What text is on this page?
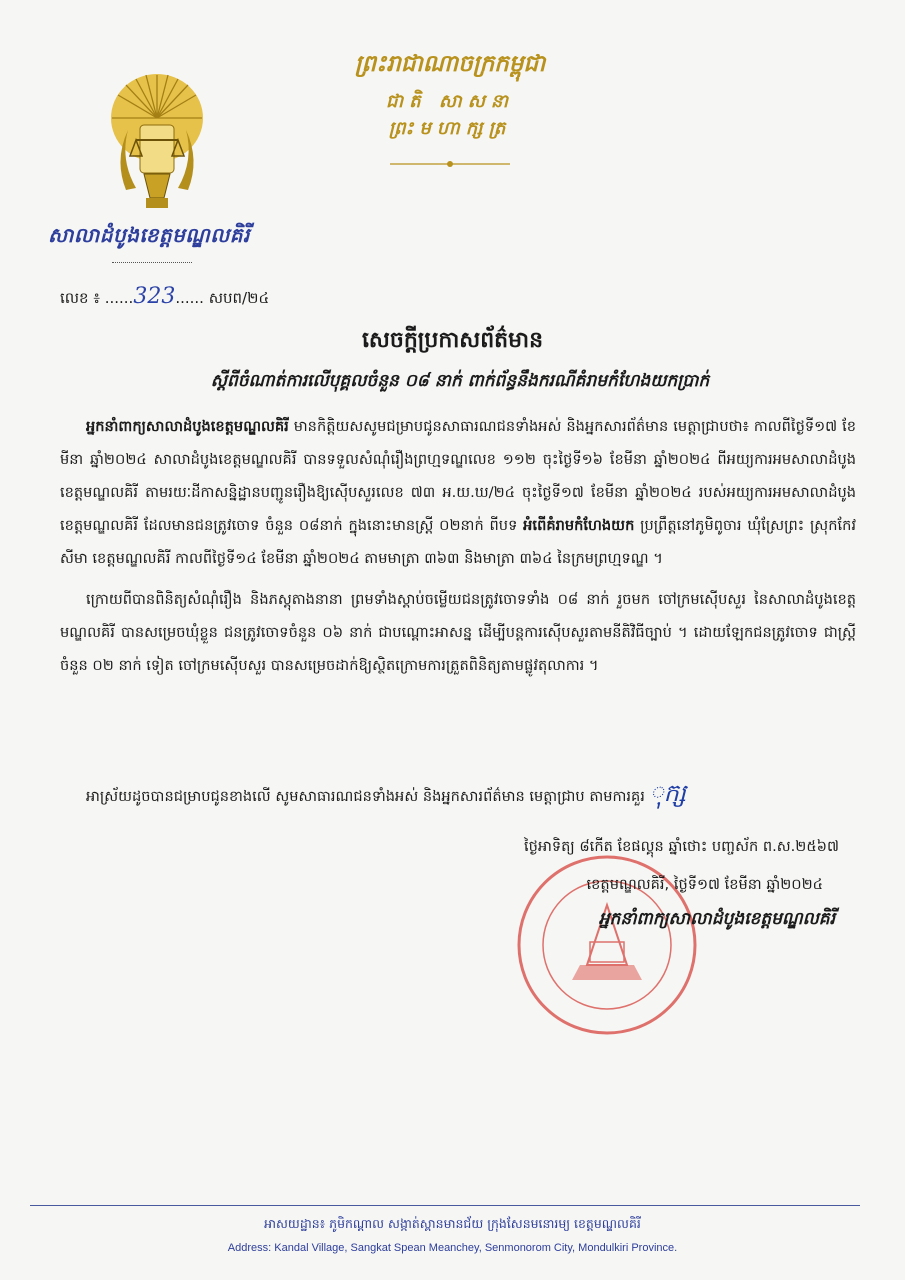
សាលាដំបូងខេត្តមណ្ឌលគិរី
ព្រះរាជាណាចក្រកម្ពុជា
ជាតិ សាសនា ព្រះមហាក្សត្រ
លេខ ៖ ......323...... សបព/២៤
សេចក្ដីប្រកាសព័ត៌មាន
ស្ដីពីចំណាត់ការលើបុគ្គលចំនួន ០៨ នាក់ ពាក់ព័ន្ធនឹងករណីគំរាមកំហែងយកប្រាក់

អ្នកនាំពាក្យសាលាដំបូងខេត្តមណ្ឌលគិរី មានកិត្តិយសសូមជម្រាបជូនសាធារណជនទាំងអស់ និងអ្នកសារព័ត៌មាន មេត្តាជ្រាបថា៖ កាលពីថ្ងៃទី១៧ ខែមីនា ឆ្នាំ២០២៤ សាលាដំបូងខេត្តមណ្ឌលគិរី បានទទួលសំណុំរឿងព្រហ្មទណ្ឌលេខ ១១២ ចុះថ្ងៃទី១៦ ខែមីនា ឆ្នាំ២០២៤ ពីអយ្យការអមសាលាដំបូងខេត្តមណ្ឌលគិរី តាមរយៈដីកាសន្និដ្ឋានបញ្ជូនរឿងឱ្យស៊ើបសួរលេខ ៧៣ អ.យ.ឃ/២៤ ចុះថ្ងៃទី១៧ ខែមីនា ឆ្នាំ២០២៤ របស់អយ្យការអមសាលាដំបូងខេត្តមណ្ឌលគិរី ដែលមានជនត្រូវចោទ ចំនួន ០៨នាក់ ក្នុងនោះមានស្ត្រី ០២នាក់ ពីបទ អំពើគំរាមកំហែងយក ប្រព្រឹត្តនៅភូមិពូចារ ឃុំស្រែព្រះ ស្រុកកែវសីមា ខេត្តមណ្ឌលគិរី កាលពីថ្ងៃទី១៤ ខែមីនា ឆ្នាំ២០២៤ តាមមាត្រា ៣៦៣ និងមាត្រា ៣៦៤ នៃក្រមព្រហ្មទណ្ឌ ។

ក្រោយពីបានពិនិត្យសំណុំរឿង និងភស្តុតាងនានា ព្រមទាំងស្តាប់ចម្លើយជនត្រូវចោទទាំង ០៨ នាក់ រួចមក ចៅក្រមស៊ើបសួរ នៃសាលាដំបូងខេត្តមណ្ឌលគិរី បានសម្រេចឃុំខ្លួន ជនត្រូវចោទចំនួន ០៦ នាក់ ជាបណ្ដោះអាសន្ន ដើម្បីបន្តការស៊ើបសួរតាមនីតិវិធីច្បាប់ ។ ដោយឡែកជនត្រូវចោទ ជាស្ត្រី ចំនួន ០២ នាក់ ទៀត ចៅក្រមស៊ើបសួរ បានសម្រេចដាក់ឱ្យស្ថិតក្រោមការត្រួតពិនិត្យតាមផ្លូវតុលាការ ។

អាស្រ័យដូចបានជម្រាបជូនខាងលើ សូមសាធារណជនទាំងអស់ និងអ្នកសារព័ត៌មាន មេត្តាជ្រាប តាមការគួរ ុក្ស
ថ្ងៃអាទិត្យ ៨កើត ខែផល្គុន ឆ្នាំថោះ បញ្ចស័ក ព.ស.២៥៦៧
ខេត្តមណ្ឌលគិរី, ថ្ងៃទី១៧ ខែមីនា ឆ្នាំ២០២៤
អ្នកនាំពាក្យសាលាដំបូងខេត្តមណ្ឌលគិរី
អាសយដ្ឋាន៖ ភូមិកណ្ដាល សង្កាត់ស្ពានមានជ័យ ក្រុងសែនមនោរម្យ ខេត្តមណ្ឌលគិរី
Address: Kandal Village, Sangkat Spean Meanchey, Senmonorom City, Mondulkiri Province.
